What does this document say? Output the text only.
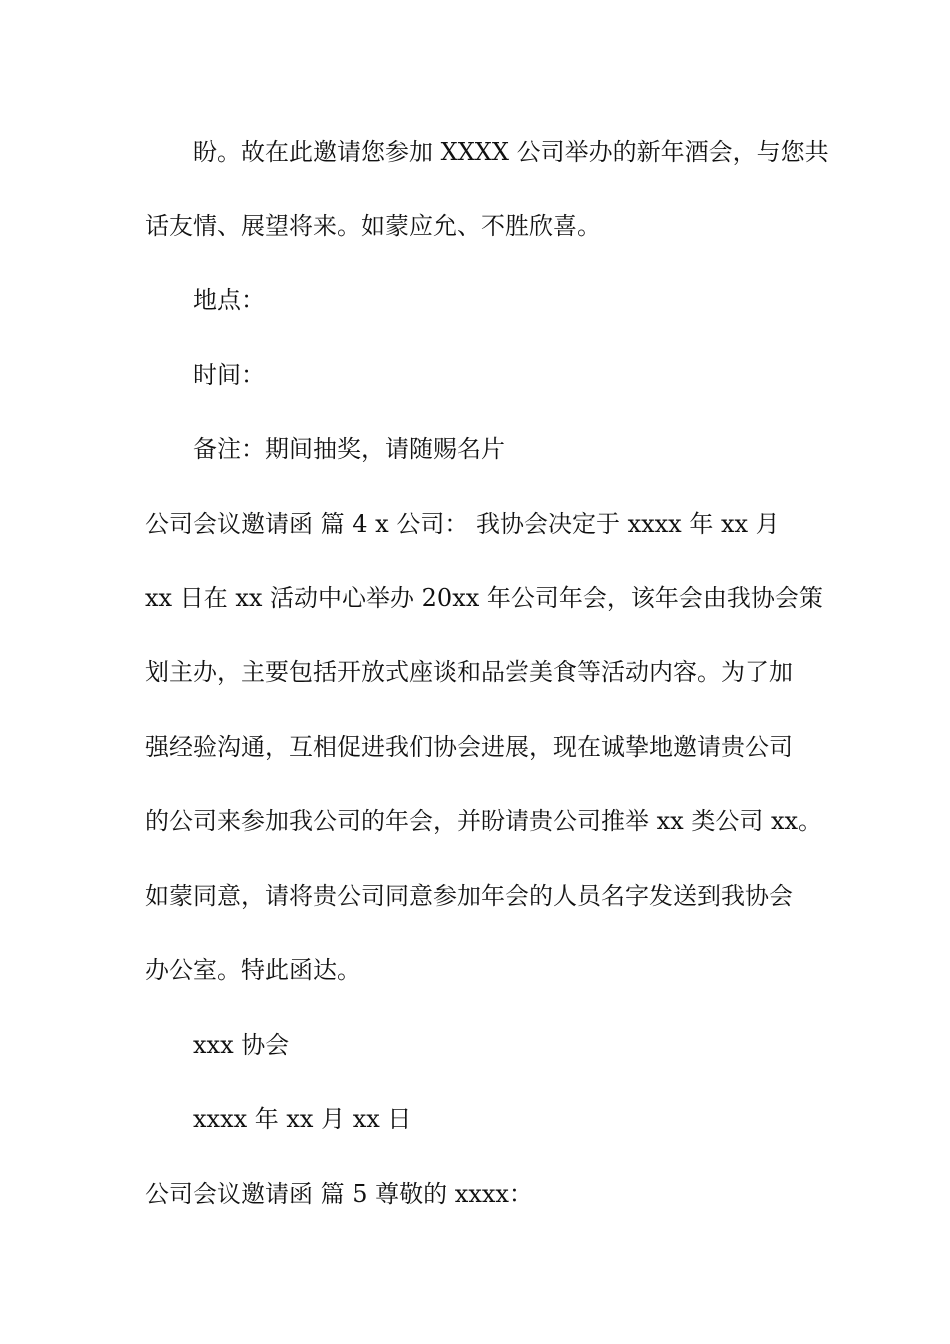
盼。故在此邀请您参加 XXXX 公司举办的新年酒会，与您共
话友情、展望将来。如蒙应允、不胜欣喜。
地点：
时间：
备注：期间抽奖，请随赐名片
公司会议邀请函 篇 4 x 公司： 我协会决定于 xxxx 年 xx 月
xx 日在 xx 活动中心举办 20xx 年公司年会，该年会由我协会策
划主办，主要包括开放式座谈和品尝美食等活动内容。为了加
强经验沟通，互相促进我们协会进展，现在诚挚地邀请贵公司
的公司来参加我公司的年会，并盼请贵公司推举 xx 类公司 xx。
如蒙同意，请将贵公司同意参加年会的人员名字发送到我协会
办公室。特此函达。
xxx 协会
xxxx 年 xx 月 xx 日
公司会议邀请函 篇 5 尊敬的 xxxx：
